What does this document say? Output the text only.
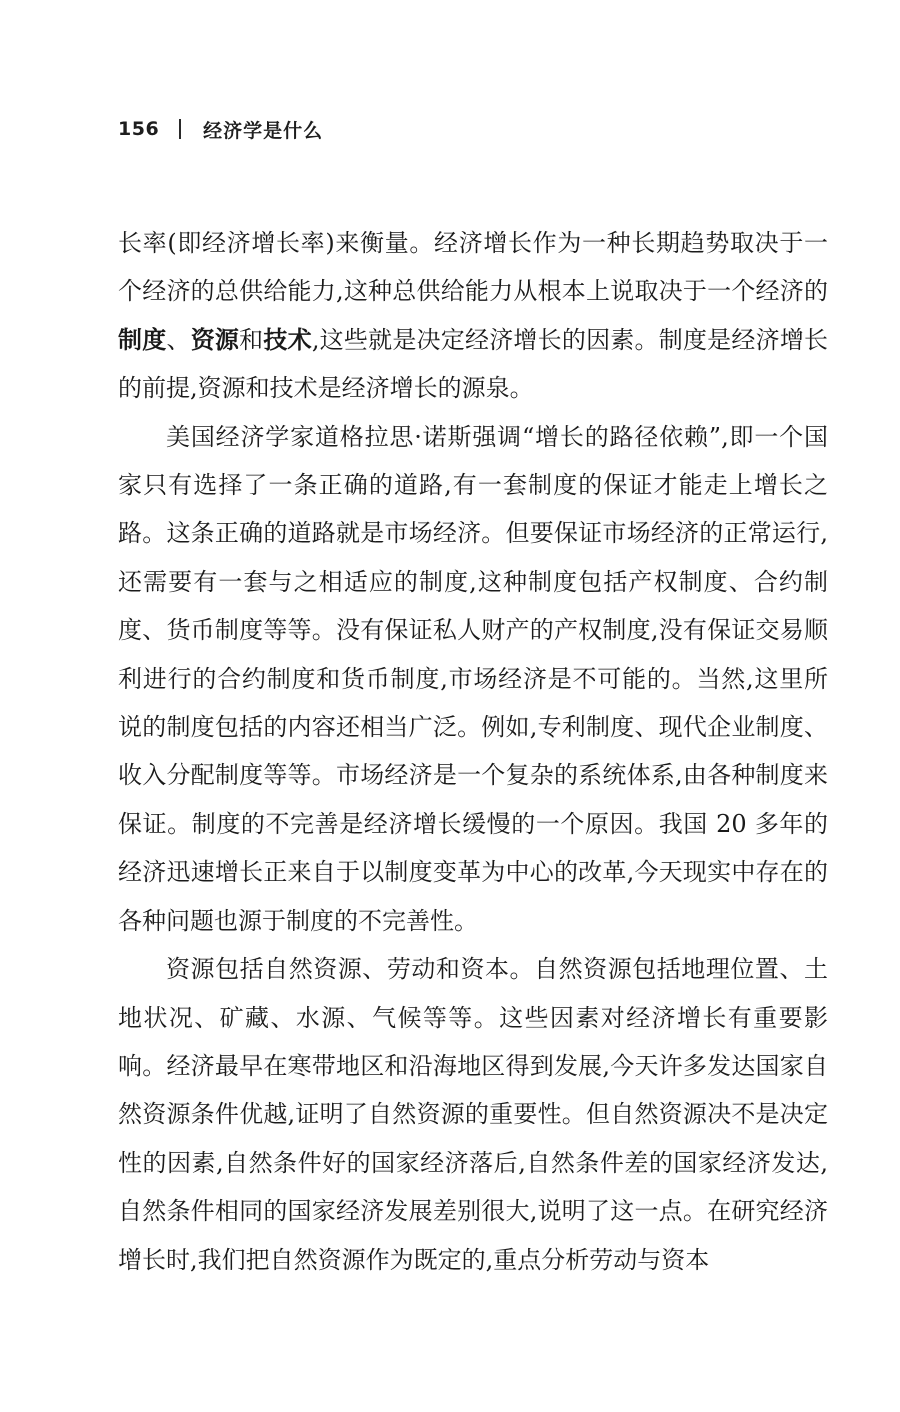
156 经济学是什么

长率(即经济增长率)来衡量。经济增长作为一种长期趋势取决于一个经济的总供给能力,这种总供给能力从根本上说取决于一个经济的制度、资源和技术,这些就是决定经济增长的因素。制度是经济增长的前提,资源和技术是经济增长的源泉。

美国经济学家道格拉思·诺斯强调“增长的路径依赖”,即一个国家只有选择了一条正确的道路,有一套制度的保证才能走上增长之路。这条正确的道路就是市场经济。但要保证市场经济的正常运行,还需要有一套与之相适应的制度,这种制度包括产权制度、合约制度、货币制度等等。没有保证私人财产的产权制度,没有保证交易顺利进行的合约制度和货币制度,市场经济是不可能的。当然,这里所说的制度包括的内容还相当广泛。例如,专利制度、现代企业制度、收入分配制度等等。市场经济是一个复杂的系统体系,由各种制度来保证。制度的不完善是经济增长缓慢的一个原因。我国 20 多年的经济迅速增长正来自于以制度变革为中心的改革,今天现实中存在的各种问题也源于制度的不完善性。

资源包括自然资源、劳动和资本。自然资源包括地理位置、土地状况、矿藏、水源、气候等等。这些因素对经济增长有重要影响。经济最早在寒带地区和沿海地区得到发展,今天许多发达国家自然资源条件优越,证明了自然资源的重要性。但自然资源决不是决定性的因素,自然条件好的国家经济落后,自然条件差的国家经济发达,自然条件相同的国家经济发展差别很大,说明了这一点。在研究经济增长时,我们把自然资源作为既定的,重点分析劳动与资本
